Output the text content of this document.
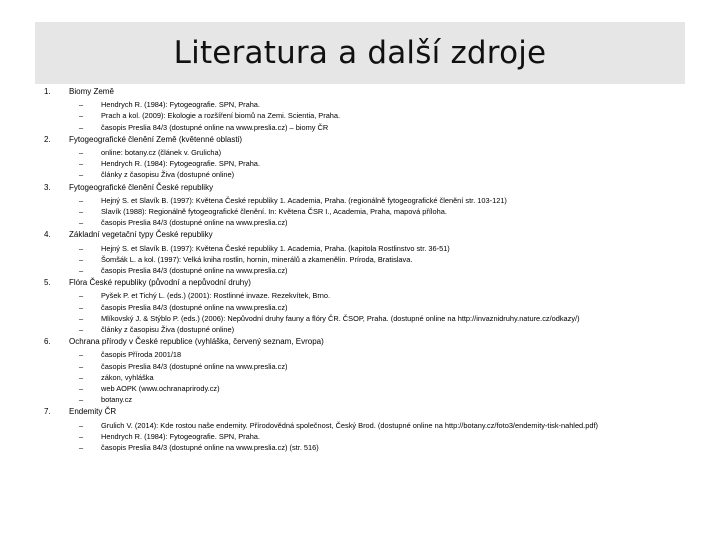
Literatura a další zdroje
1.	Biomy Země
– Hendrych R. (1984): Fytogeografie. SPN, Praha.
– Prach a kol. (2009): Ekologie a rozšíření biomů na Zemi. Scientia, Praha.
– časopis Preslia 84/3 (dostupné online na www.preslia.cz) – biomy ČR
2.	Fytogeografické členění Země (květenné oblasti)
– online: botany.cz (článek v. Grulicha)
– Hendrych R. (1984): Fytogeografie. SPN, Praha.
– články z časopisu Živa (dostupné online)
3.	Fytogeografické členění České republiky
– Hejný S. et Slavík B. (1997): Květena České republiky 1. Academia, Praha. (regionálně fytogeografické členění str. 103-121)
– Slavík (1988): Regionálně fytogeografické členění. In: Květena ČSR I., Academia, Praha, mapová příloha.
– časopis Preslia 84/3 (dostupné online na www.preslia.cz)
4.	Základní vegetační typy České republiky
– Hejný S. et Slavík B. (1997): Květena České republiky 1. Academia, Praha. (kapitola Rostlinstvo str. 36-51)
– Šomšák L. a kol. (1997): Velká kniha rostlin, hornin, minerálů a zkamenělin. Príroda, Bratislava.
– časopis Preslia 84/3 (dostupné online na www.preslia.cz)
5.	Flóra České republiky (původní a nepůvodní druhy)
– Pyšek P. et Tichý L. (eds.) (2001): Rostlinné invaze. Rezekvítek, Brno.
– časopis Preslia 84/3 (dostupné online na www.preslia.cz)
– Mlíkovský J. & Stýblo P. (eds.) (2006): Nepůvodní druhy fauny a flóry ČR. ČSOP, Praha. (dostupné online na http://invaznidruhy.nature.cz/odkazy/)
– články z časopisu Živa (dostupné online)
6.	Ochrana přírody v České republice (vyhláška, červený seznam, Evropa)
– časopis Příroda 2001/18
– časopis Preslia 84/3 (dostupné online na www.preslia.cz)
– zákon, vyhláška
– web AOPK (www.ochranaprirody.cz)
– botany.cz
7.	Endemity ČR
– Grulich V. (2014): Kde rostou naše endemity. Přírodovědná společnost, Český Brod. (dostupné online na http://botany.cz/foto3/endemity-tisk-nahled.pdf)
– Hendrych R. (1984): Fytogeografie. SPN, Praha.
– časopis Preslia 84/3 (dostupné online na www.preslia.cz) (str. 516)
